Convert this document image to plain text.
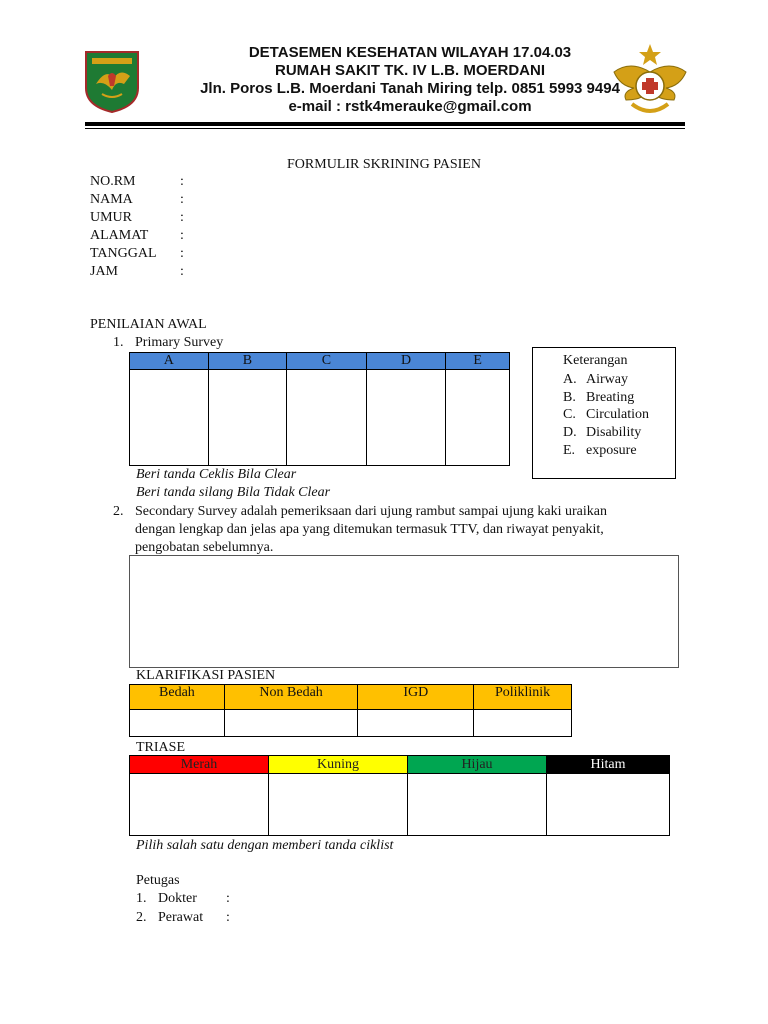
DETASEMEN KESEHATAN WILAYAH 17.04.03
RUMAH SAKIT TK. IV L.B. MOERDANI
Jln. Poros L.B. Moerdani Tanah Miring telp. 0851 5993 9494
e-mail : rstk4merauke@gmail.com
FORMULIR SKRINING PASIEN
NO.RM	:
NAMA	:
UMUR	:
ALAMAT :
TANGGAL :
JAM	:
PENILAIAN AWAL
1. Primary Survey
A	B	C	D	E
					Keterangan
A. Airway
B. Breating
C. Circulation
D. Disability
E. exposure
Beri tanda Ceklis Bila Clear
Beri tanda silang Bila Tidak Clear
2. Secondary Survey adalah pemeriksaan dari ujung rambut sampai ujung kaki uraikan
dengan lengkap dan jelas apa yang ditemukan termasuk TTV, dan riwayat penyakit,
pengobatan sebelumnya.
KLARIFIKASI PASIEN
Bedah	Non Bedah	IGD	Poliklinik

TRIASE
Merah	Kuning	Hijau	Hitam

Pilih salah satu dengan memberi tanda ciklist
Petugas
1. Dokter :
2. Perawat :
